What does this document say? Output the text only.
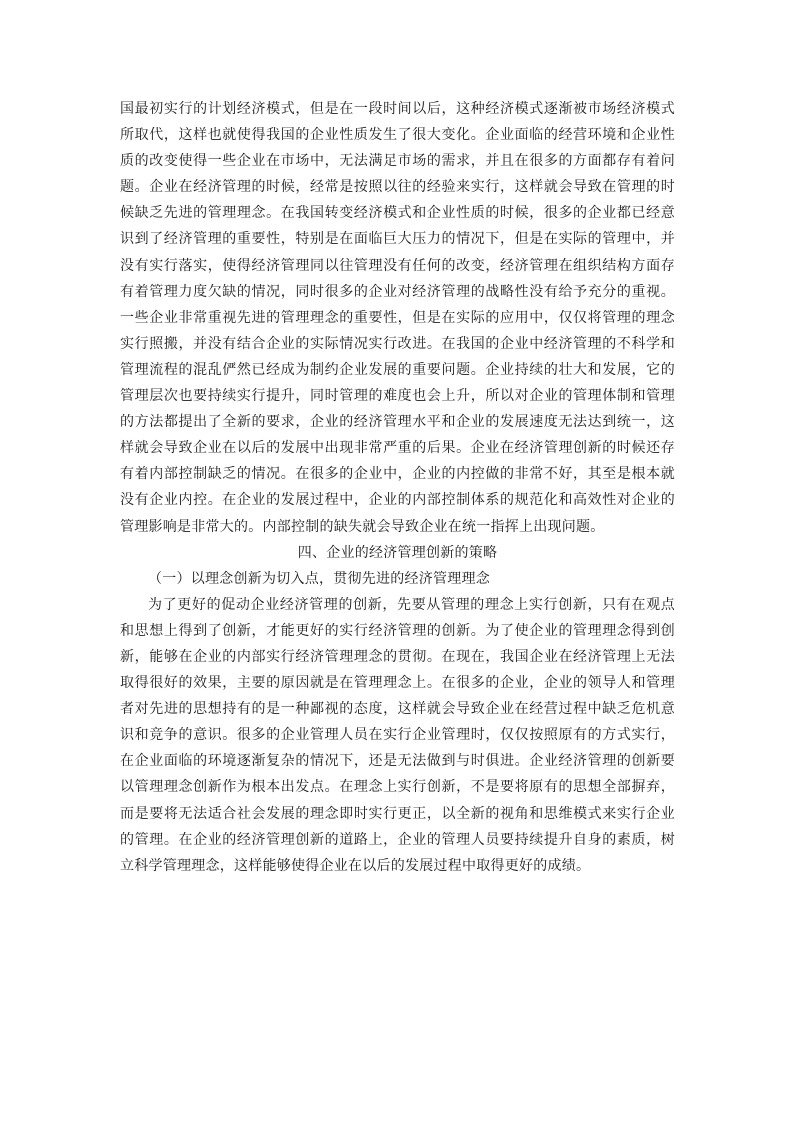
国最初实行的计划经济模式，但是在一段时间以后，这种经济模式逐渐被市场经济模式所取代，这样也就使得我国的企业性质发生了很大变化。企业面临的经营环境和企业性质的改变使得一些企业在市场中，无法满足市场的需求，并且在很多的方面都存有着问题。企业在经济管理的时候，经常是按照以往的经验来实行，这样就会导致在管理的时候缺乏先进的管理理念。在我国转变经济模式和企业性质的时候，很多的企业都已经意识到了经济管理的重要性，特别是在面临巨大压力的情况下，但是在实际的管理中，并没有实行落实，使得经济管理同以往管理没有任何的改变，经济管理在组织结构方面存有着管理力度欠缺的情况，同时很多的企业对经济管理的战略性没有给予充分的重视。一些企业非常重视先进的管理理念的重要性，但是在实际的应用中，仅仅将管理的理念实行照搬，并没有结合企业的实际情况实行改进。在我国的企业中经济管理的不科学和管理流程的混乱俨然已经成为制约企业发展的重要问题。企业持续的壮大和发展，它的管理层次也要持续实行提升，同时管理的难度也会上升，所以对企业的管理体制和管理的方法都提出了全新的要求，企业的经济管理水平和企业的发展速度无法达到统一，这样就会导致企业在以后的发展中出现非常严重的后果。企业在经济管理创新的时候还存有着内部控制缺乏的情况。在很多的企业中，企业的内控做的非常不好，其至是根本就没有企业内控。在企业的发展过程中，企业的内部控制体系的规范化和高效性对企业的管理影响是非常大的。内部控制的缺失就会导致企业在统一指挥上出现问题。

四、企业的经济管理创新的策略

（一）以理念创新为切入点，贯彻先进的经济管理理念

为了更好的促动企业经济管理的创新，先要从管理的理念上实行创新，只有在观点和思想上得到了创新，才能更好的实行经济管理的创新。为了使企业的管理理念得到创新，能够在企业的内部实行经济管理理念的贯彻。在现在，我国企业在经济管理上无法取得很好的效果，主要的原因就是在管理理念上。在很多的企业，企业的领导人和管理者对先进的思想持有的是一种鄙视的态度，这样就会导致企业在经营过程中缺乏危机意识和竞争的意识。很多的企业管理人员在实行企业管理时，仅仅按照原有的方式实行，在企业面临的环境逐渐复杂的情况下，还是无法做到与时俱进。企业经济管理的创新要以管理理念创新作为根本出发点。在理念上实行创新，不是要将原有的思想全部摒弃，而是要将无法适合社会发展的理念即时实行更正，以全新的视角和思维模式来实行企业的管理。在企业的经济管理创新的道路上，企业的管理人员要持续提升自身的素质，树立科学管理理念，这样能够使得企业在以后的发展过程中取得更好的成绩。
